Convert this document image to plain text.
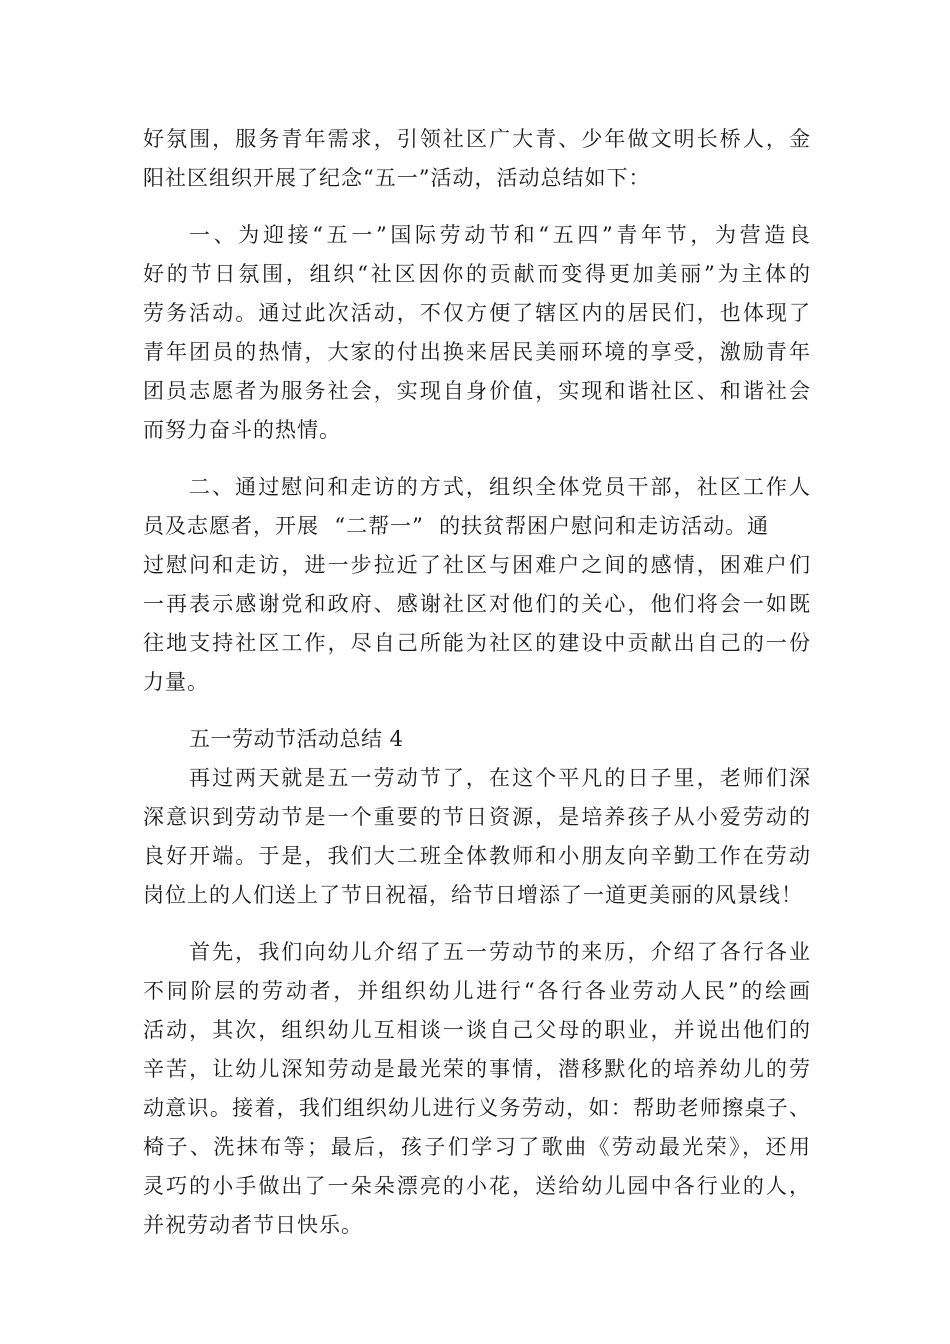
好氛围，服务青年需求，引领社区广大青、少年做文明长桥人，金
阳社区组织开展了纪念“五一”活动，活动总结如下：
一、为迎接“五一”国际劳动节和“五四”青年节，为营造良
好的节日氛围，组织“社区因你的贡献而变得更加美丽”为主体的
劳务活动。通过此次活动，不仅方便了辖区内的居民们，也体现了
青年团员的热情，大家的付出换来居民美丽环境的享受，激励青年
团员志愿者为服务社会，实现自身价值，实现和谐社区、和谐社会
而努力奋斗的热情。
二、通过慰问和走访的方式，组织全体党员干部，社区工作人
员及志愿者，开展  “二帮一”  的扶贫帮困户慰问和走访活动。通
过慰问和走访，进一步拉近了社区与困难户之间的感情，困难户们
一再表示感谢党和政府、感谢社区对他们的关心，他们将会一如既
往地支持社区工作，尽自己所能为社区的建设中贡献出自己的一份
力量。
五一劳动节活动总结 4
再过两天就是五一劳动节了，在这个平凡的日子里，老师们深
深意识到劳动节是一个重要的节日资源，是培养孩子从小爱劳动的
良好开端。于是，我们大二班全体教师和小朋友向辛勤工作在劳动
岗位上的人们送上了节日祝福，给节日增添了一道更美丽的风景线！
首先，我们向幼儿介绍了五一劳动节的来历，介绍了各行各业
不同阶层的劳动者，并组织幼儿进行“各行各业劳动人民”的绘画
活动，其次，组织幼儿互相谈一谈自己父母的职业，并说出他们的
辛苦，让幼儿深知劳动是最光荣的事情，潜移默化的培养幼儿的劳
动意识。接着，我们组织幼儿进行义务劳动，如：帮助老师擦桌子、
椅子、洗抹布等；最后，孩子们学习了歌曲《劳动最光荣》，还用
灵巧的小手做出了一朵朵漂亮的小花，送给幼儿园中各行业的人，
并祝劳动者节日快乐。
